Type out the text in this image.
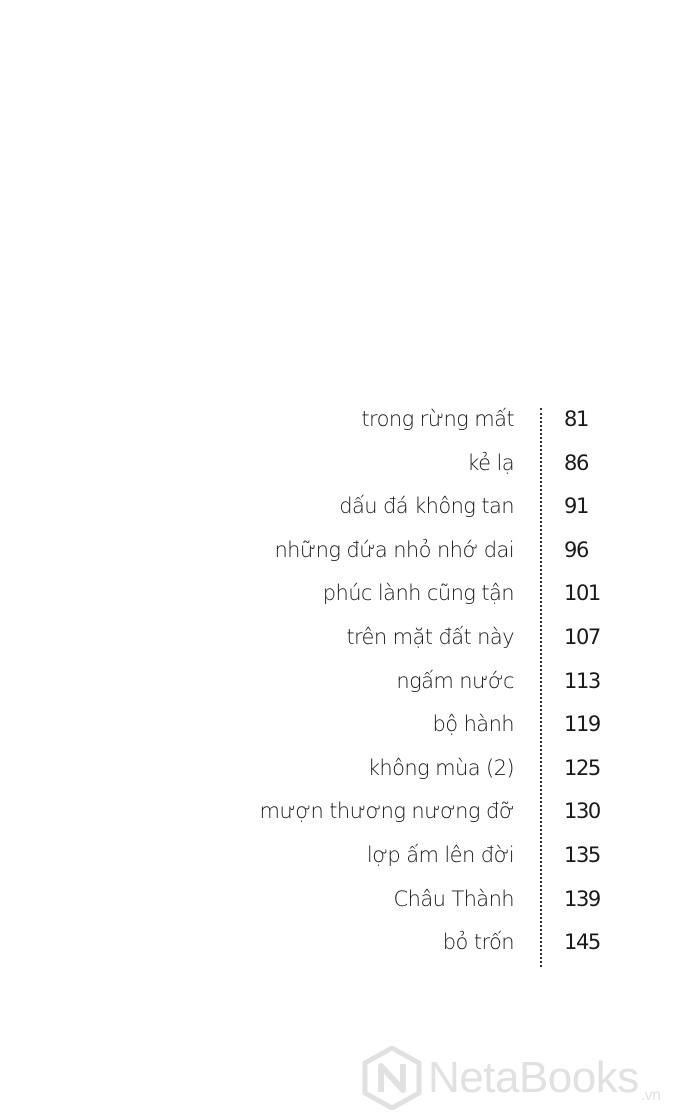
trong rừng mất 81
kẻ lạ 86
dấu đá không tan 91
những đứa nhỏ nhớ dai 96
phúc lành cũng tận 101
trên mặt đất này 107
ngấm nước 113
bộ hành 119
không mùa (2) 125
mượn thương nương đỡ 130
lợp ấm lên đời 135
Châu Thành 139
bỏ trốn 145
NetaBooks .vn
